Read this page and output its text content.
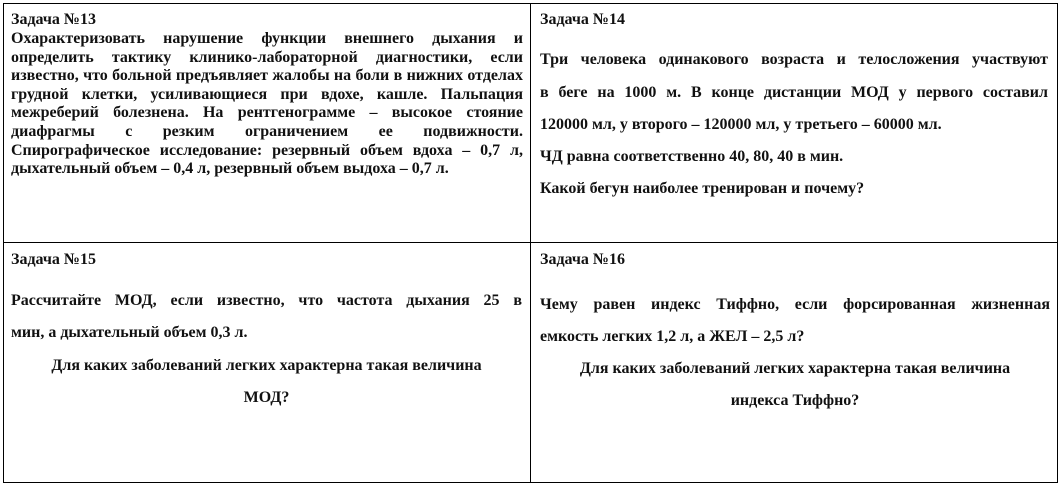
Задача №13
Охарактеризовать нарушение функции внешнего дыхания и определить тактику клинико-лабораторной диагностики, если известно, что больной предъявляет жалобы на боли в нижних отделах грудной клетки, усиливающиеся при вдохе, кашле. Пальпация межреберий болезнена. На рентгенограмме – высокое стояние диафрагмы с резким ограничением ее подвижности. Спирографическое исследование: резервный объем вдоха – 0,7 л, дыхательный объем – 0,4 л, резервный объем выдоха – 0,7 л.
Задача №14
Три человека одинакового возраста и телосложения участвуют
в беге на 1000 м. В конце дистанции МОД у первого составил
120000 мл, у второго – 120000 мл, у третьего – 60000 мл.
ЧД равна соответственно 40, 80, 40 в мин.
Какой бегун наиболее тренирован и почему?
Задача №15
Рассчитайте МОД, если известно, что частота дыхания 25 в
мин, а дыхательный объем 0,3 л.
Для каких заболеваний легких характерна такая величина
МОД?
Задача №16
Чему равен индекс Тиффно, если форсированная жизненная
емкость легких 1,2 л, а ЖЕЛ – 2,5 л?
Для каких заболеваний легких характерна такая величина
индекса Тиффно?
